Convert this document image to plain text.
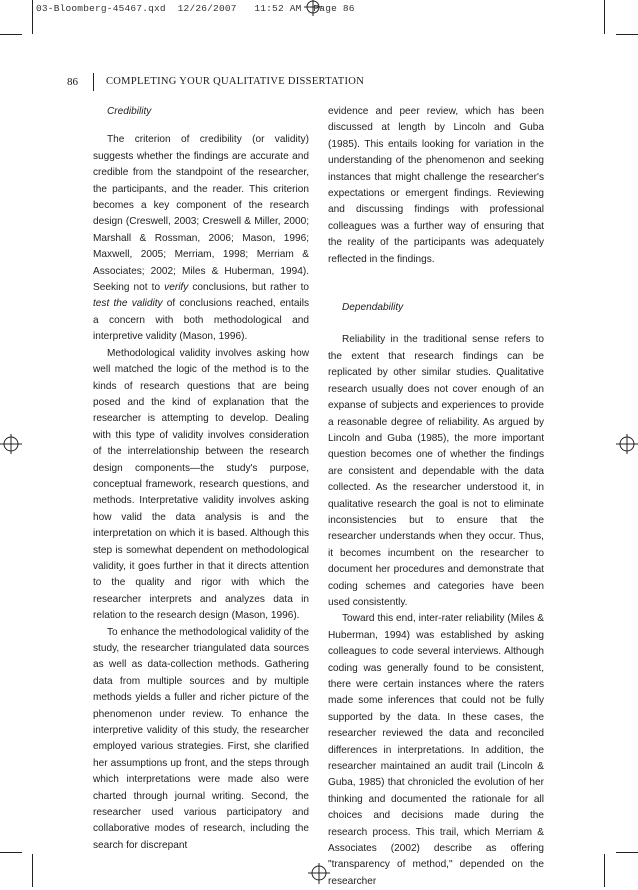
03-Bloomberg-45467.qxd 12/26/2007 11:52 AM Page 86
86	COMPLETING YOUR QUALITATIVE DISSERTATION

Credibility

The criterion of credibility (or validity) suggests whether the findings are accurate and credible from the standpoint of the researcher, the participants, and the reader. This criterion becomes a key component of the research design (Creswell, 2003; Creswell & Miller, 2000; Marshall & Rossman, 2006; Mason, 1996; Maxwell, 2005; Merriam, 1998; Merriam & Associates; 2002; Miles & Huberman, 1994). Seeking not to verify conclusions, but rather to test the validity of conclusions reached, entails a concern with both methodological and interpretive validity (Mason, 1996).

Methodological validity involves asking how well matched the logic of the method is to the kinds of research questions that are being posed and the kind of explanation that the researcher is attempting to develop. Dealing with this type of validity involves consideration of the interrelationship between the research design components—the study's purpose, conceptual framework, research questions, and methods. Interpretative validity involves asking how valid the data analysis is and the interpretation on which it is based. Although this step is somewhat dependent on methodological validity, it goes further in that it directs attention to the quality and rigor with which the researcher interprets and analyzes data in relation to the research design (Mason, 1996).

To enhance the methodological validity of the study, the researcher triangulated data sources as well as data-collection methods. Gathering data from multiple sources and by multiple methods yields a fuller and richer picture of the phenomenon under review. To enhance the interpretive validity of this study, the researcher employed various strategies. First, she clarified her assumptions up front, and the steps through which interpretations were made also were charted through journal writing. Second, the researcher used various participatory and collaborative modes of research, including the search for discrepant

evidence and peer review, which has been discussed at length by Lincoln and Guba (1985). This entails looking for variation in the understanding of the phenomenon and seeking instances that might challenge the researcher's expectations or emergent findings. Reviewing and discussing findings with professional colleagues was a further way of ensuring that the reality of the participants was adequately reflected in the findings.

Dependability

Reliability in the traditional sense refers to the extent that research findings can be replicated by other similar studies. Qualitative research usually does not cover enough of an expanse of subjects and experiences to provide a reasonable degree of reliability. As argued by Lincoln and Guba (1985), the more important question becomes one of whether the findings are consistent and dependable with the data collected. As the researcher understood it, in qualitative research the goal is not to eliminate inconsistencies but to ensure that the researcher understands when they occur. Thus, it becomes incumbent on the researcher to document her procedures and demonstrate that coding schemes and categories have been used consistently.

Toward this end, inter-rater reliability (Miles & Huberman, 1994) was established by asking colleagues to code several interviews. Although coding was generally found to be consistent, there were certain instances where the raters made some inferences that could not be fully supported by the data. In these cases, the researcher reviewed the data and reconciled differences in interpretations. In addition, the researcher maintained an audit trail (Lincoln & Guba, 1985) that chronicled the evolution of her thinking and documented the rationale for all choices and decisions made during the research process. This trail, which Merriam & Associates (2002) describe as offering "transparency of method," depended on the researcher
